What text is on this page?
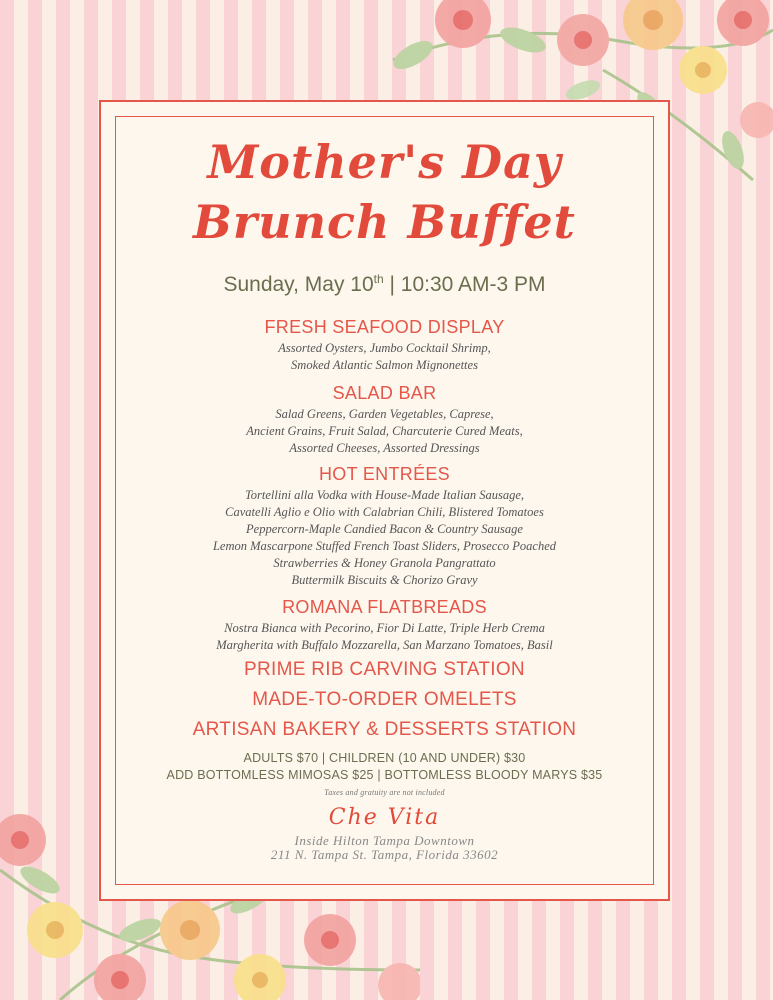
Mother's Day
Brunch Buffet
Sunday, May 10th | 10:30 AM-3 PM
FRESH SEAFOOD DISPLAY
Assorted Oysters, Jumbo Cocktail Shrimp,
Smoked Atlantic Salmon Mignonettes
SALAD BAR
Salad Greens, Garden Vegetables, Caprese,
Ancient Grains, Fruit Salad, Charcuterie Cured Meats,
Assorted Cheeses, Assorted Dressings
HOT ENTRÉES
Tortellini alla Vodka with House-Made Italian Sausage,
Cavatelli Aglio e Olio with Calabrian Chili, Blistered Tomatoes
Peppercorn-Maple Candied Bacon & Country Sausage
Lemon Mascarpone Stuffed French Toast Sliders, Prosecco Poached
Strawberries & Honey Granola Pangrattato
Buttermilk Biscuits & Chorizo Gravy
ROMANA FLATBREADS
Nostra Bianca with Pecorino, Fior Di Latte, Triple Herb Crema
Margherita with Buffalo Mozzarella, San Marzano Tomatoes, Basil
PRIME RIB CARVING STATION
MADE-TO-ORDER OMELETS
ARTISAN BAKERY & DESSERTS STATION
ADULTS $70 | CHILDREN (10 AND UNDER) $30
ADD BOTTOMLESS MIMOSAS $25 | BOTTOMLESS BLOODY MARYS $35
Taxes and gratuity are not included
Che Vita
Inside Hilton Tampa Downtown
211 N. Tampa St. Tampa, Florida 33602
